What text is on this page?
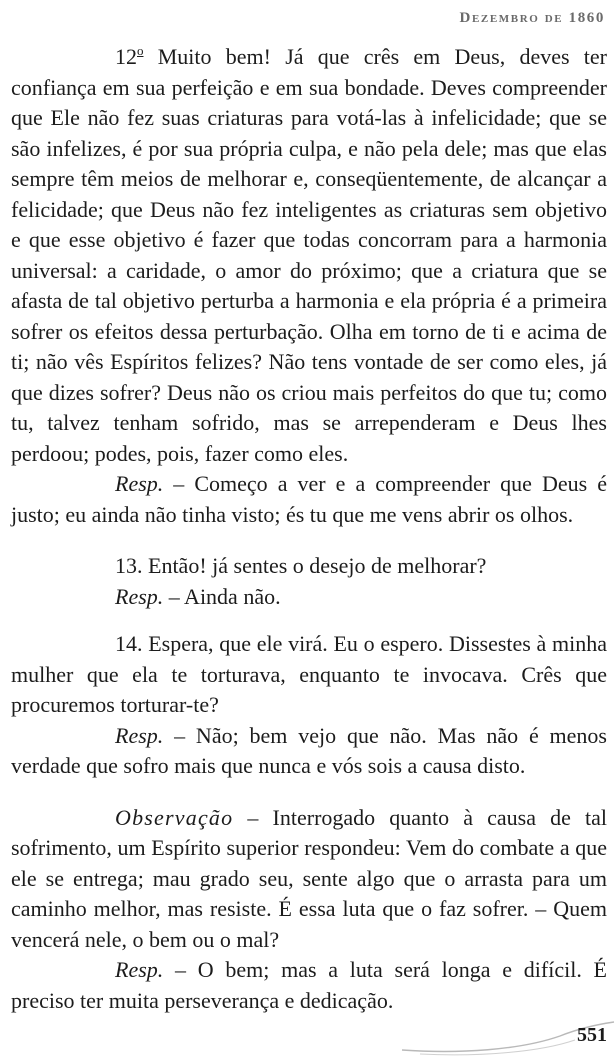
Dezembro de 1860

12$^o$ Muito bem! Já que crês em Deus, deves ter confiança em sua perfeição e em sua bondade. Deves compreender que Ele não fez suas criaturas para votá-las à infelicidade; que se são infelizes, é por sua própria culpa, e não pela dele; mas que elas sempre têm meios de melhorar e, conseqüentemente, de alcançar a felicidade; que Deus não fez inteligentes as criaturas sem objetivo e que esse objetivo é fazer que todas concorram para a harmonia universal: a caridade, o amor do próximo; que a criatura que se afasta de tal objetivo perturba a harmonia e ela própria é a primeira sofrer os efeitos dessa perturbação. Olha em torno de ti e acima de ti; não vês Espíritos felizes? Não tens vontade de ser como eles, já que dizes sofrer? Deus não os criou mais perfeitos do que tu; como tu, talvez tenham sofrido, mas se arrependeram e Deus lhes perdoou; podes, pois, fazer como eles.

Resp. – Começo a ver e a compreender que Deus é justo; eu ainda não tinha visto; és tu que me vens abrir os olhos.

13. Então! já sentes o desejo de melhorar?

Resp. – Ainda não.

14. Espera, que ele virá. Eu o espero. Dissestes à minha mulher que ela te torturava, enquanto te invocava. Crês que procuremos torturar-te?

Resp. – Não; bem vejo que não. Mas não é menos verdade que sofro mais que nunca e vós sois a causa disto.

Observação – Interrogado quanto à causa de tal sofrimento, um Espírito superior respondeu: Vem do combate a que ele se entrega; mau grado seu, sente algo que o arrasta para um caminho melhor, mas resiste. É essa luta que o faz sofrer. – Quem vencerá nele, o bem ou o mal?

Resp. – O bem; mas a luta será longa e difícil. É preciso ter muita perseverança e dedicação.

551
